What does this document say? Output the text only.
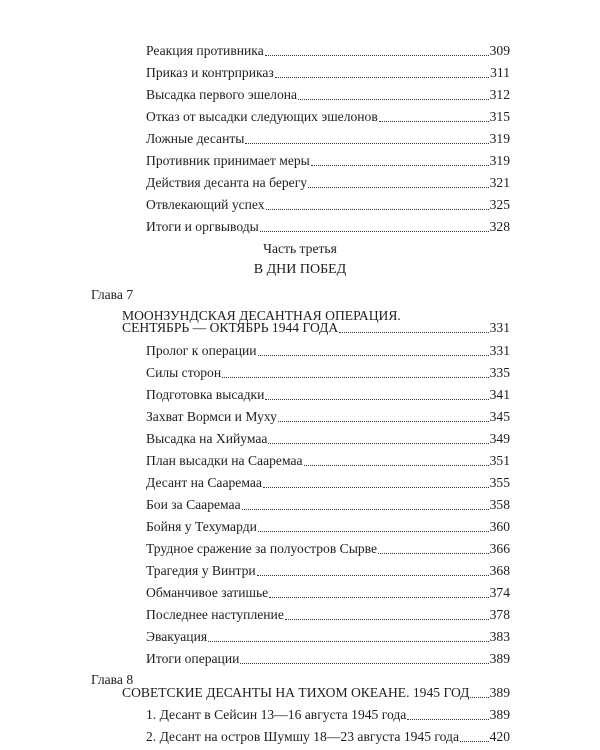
Реакция противника	309
Приказ и контрприказ	311
Высадка первого эшелона	312
Отказ от высадки следующих эшелонов	315
Ложные десанты	319
Противник принимает меры	319
Действия десанта на берегу	321
Отвлекающий успех	325
Итоги и оргвыводы	328
Часть третья
В ДНИ ПОБЕД
Глава 7
МООНЗУНДСКАЯ ДЕСАНТНАЯ ОПЕРАЦИЯ.
СЕНТЯБРЬ — ОКТЯБРЬ 1944 ГОДА	331
Пролог к операции	331
Силы сторон	335
Подготовка высадки	341
Захват Вормси и Муху	345
Высадка на Хийумаа	349
План высадки на Сааремаа	351
Десант на Сааремаа	355
Бои за Сааремаа	358
Бойня у Техумарди	360
Трудное сражение за полуостров Сырве	366
Трагедия у Винтри	368
Обманчивое затишье	374
Последнее наступление	378
Эвакуация	383
Итоги операции	389
Глава 8
СОВЕТСКИЕ ДЕСАНТЫ НА ТИХОМ ОКЕАНЕ. 1945 ГОД 389
1. Десант в Сейсин 13—16 августа 1945 года	389
2. Десант на остров Шумшу 18—23 августа 1945 года 420
